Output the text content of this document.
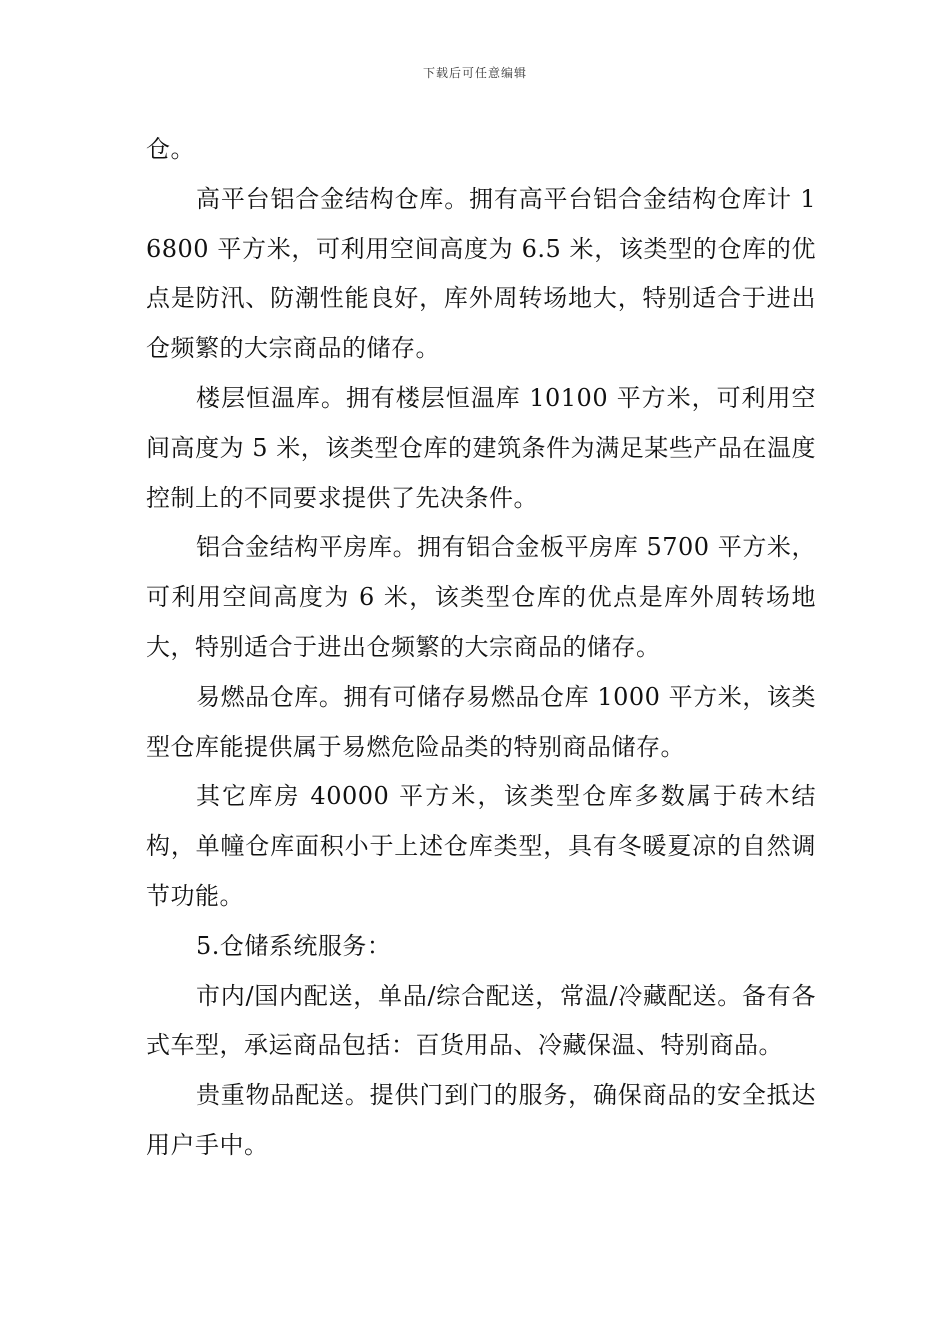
下载后可任意编辑

仓。

高平台铝合金结构仓库。拥有高平台铝合金结构仓库计 16800 平方米，可利用空间高度为 6.5 米，该类型的仓库的优点是防汛、防潮性能良好，库外周转场地大，特别适合于进出仓频繁的大宗商品的储存。

楼层恒温库。拥有楼层恒温库 10100 平方米，可利用空间高度为 5 米，该类型仓库的建筑条件为满足某些产品在温度控制上的不同要求提供了先决条件。

铝合金结构平房库。拥有铝合金板平房库 5700 平方米，可利用空间高度为 6 米，该类型仓库的优点是库外周转场地大，特别适合于进出仓频繁的大宗商品的储存。

易燃品仓库。拥有可储存易燃品仓库 1000 平方米，该类型仓库能提供属于易燃危险品类的特别商品储存。

其它库房 40000 平方米，该类型仓库多数属于砖木结构，单幢仓库面积小于上述仓库类型，具有冬暖夏凉的自然调节功能。

5.仓储系统服务：

市内/国内配送，单品/综合配送，常温/冷藏配送。备有各式车型，承运商品包括：百货用品、冷藏保温、特别商品。

贵重物品配送。提供门到门的服务，确保商品的安全抵达用户手中。
